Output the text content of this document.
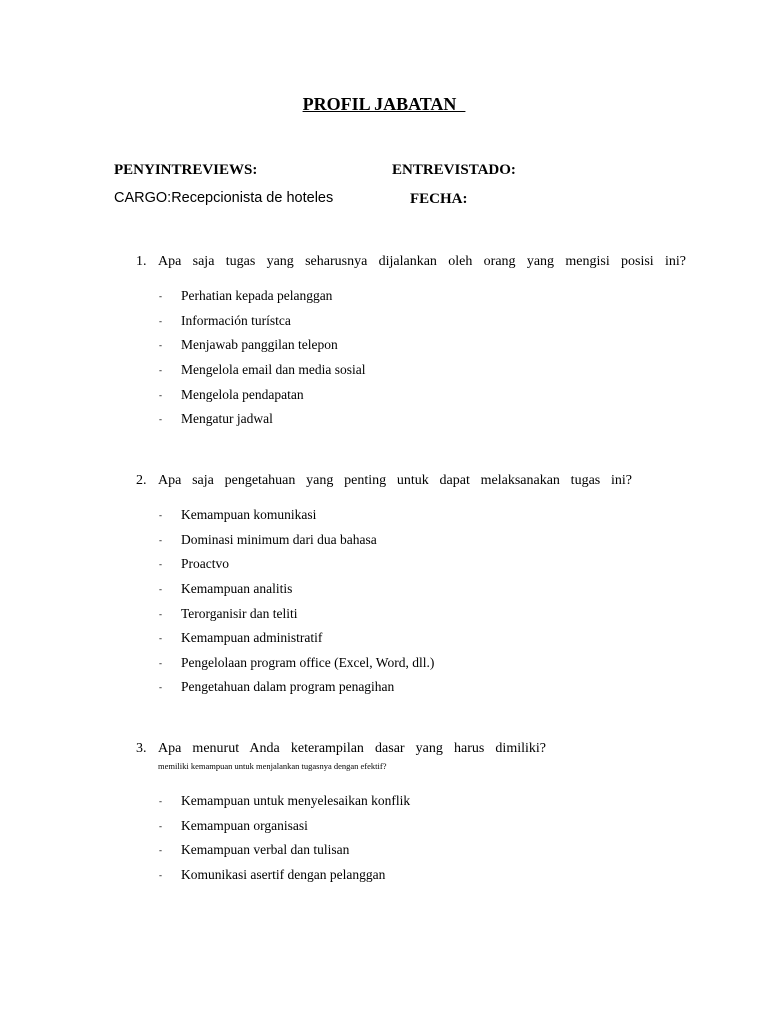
PROFIL JABATAN
PENYINTREVIEWS:	ENTREVISTADO:
CARGO:Recepcionista de hoteles	FECHA:
1. Apa saja tugas yang seharusnya dijalankan oleh orang yang mengisi posisi ini?
-	Perhatian kepada pelanggan
-	Información turístca
-	Menjawab panggilan telepon
-	Mengelola email dan media sosial
-	Mengelola pendapatan
-	Mengatur jadwal
2. Apa saja pengetahuan yang penting untuk dapat melaksanakan tugas ini?
-	Kemampuan komunikasi
-	Dominasi minimum dari dua bahasa
-	Proactvo
-	Kemampuan analitis
-	Terorganisir dan teliti
-	Kemampuan administratif
-	Pengelolaan program office (Excel, Word, dll.)
-	Pengetahuan dalam program penagihan
3. Apa menurut Anda keterampilan dasar yang harus dimiliki?
memiliki kemampuan untuk menjalankan tugasnya dengan efektif?
-	Kemampuan untuk menyelesaikan konflik
-	Kemampuan organisasi
-	Kemampuan verbal dan tulisan
-	Komunikasi asertif dengan pelanggan
